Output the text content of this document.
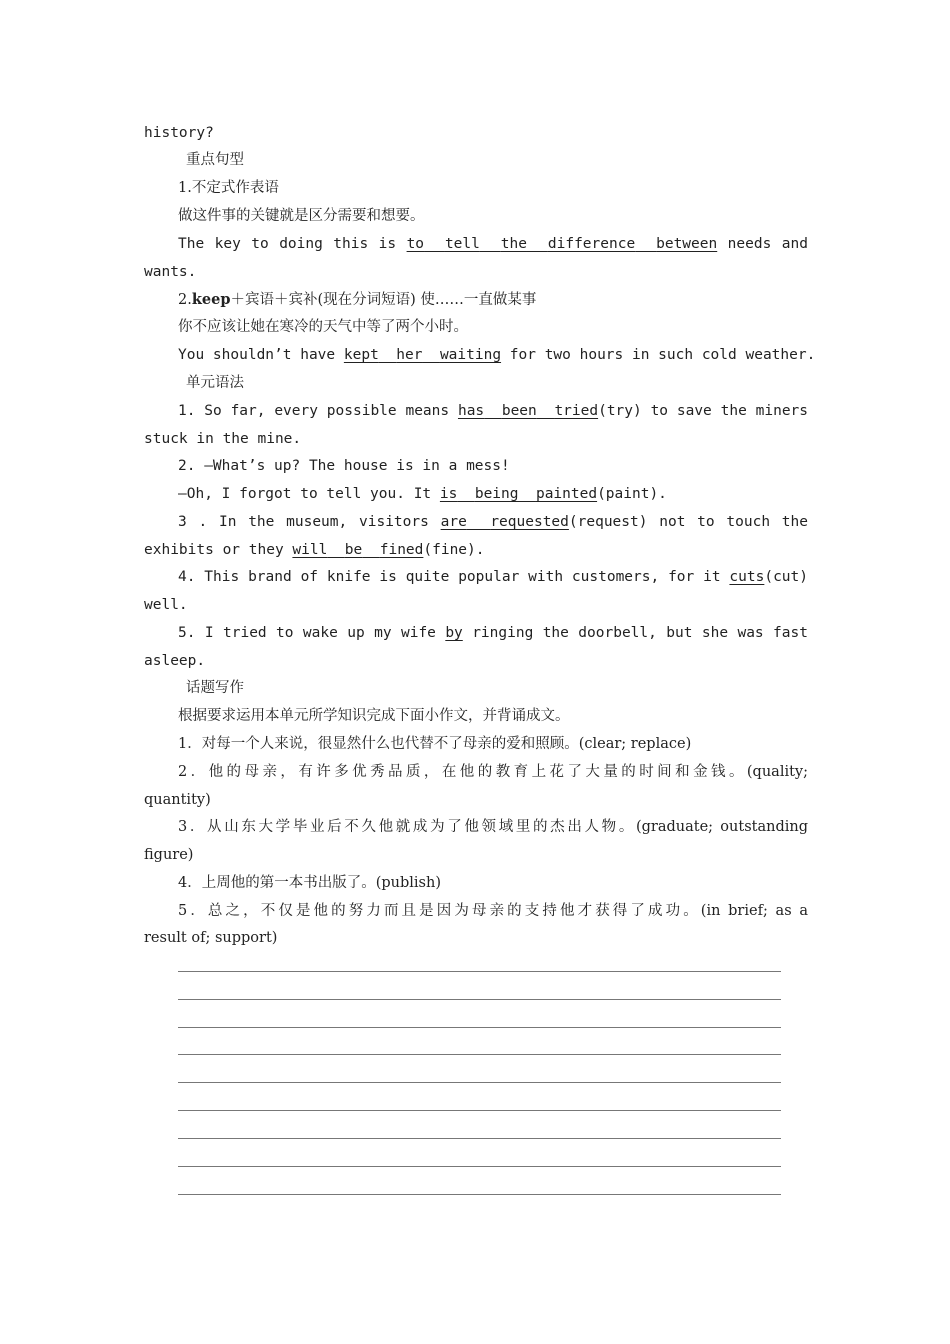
history?
重点句型
1.不定式作表语
做这件事的关键就是区分需要和想要。
The key to doing this is to tell the difference between needs and
wants.
2.keep＋宾语＋宾补(现在分词短语) 使……一直做某事
你不应该让她在寒冷的天气中等了两个小时。
You shouldn’t have kept her waiting for two hours in such cold weather.
单元语法
1. So far, every possible means has been tried(try) to save the miners
stuck in the mine.
2. —What’s up? The house is in a mess!
—Oh, I forgot to tell you. It is being painted(paint).
3 . In the museum, visitors are requested(request) not to touch the
exhibits or they will be fined(fine).
4. This brand of knife is quite popular with customers, for it cuts(cut)
well.
5. I tried to wake up my wife by ringing the doorbell, but she was fast
asleep.
话题写作
根据要求运用本单元所学知识完成下面小作文，并背诵成文。
1．对每一个人来说，很显然什么也代替不了母亲的爱和照顾。(clear; replace)
2．他的母亲，有许多优秀品质，在他的教育上花了大量的时间和金钱。(quality;
quantity)
3．从山东大学毕业后不久他就成为了他领域里的杰出人物。(graduate; outstanding
figure)
4．上周他的第一本书出版了。(publish)
5．总之，不仅是他的努力而且是因为母亲的支持他才获得了成功。(in brief; as a
result of; support)
